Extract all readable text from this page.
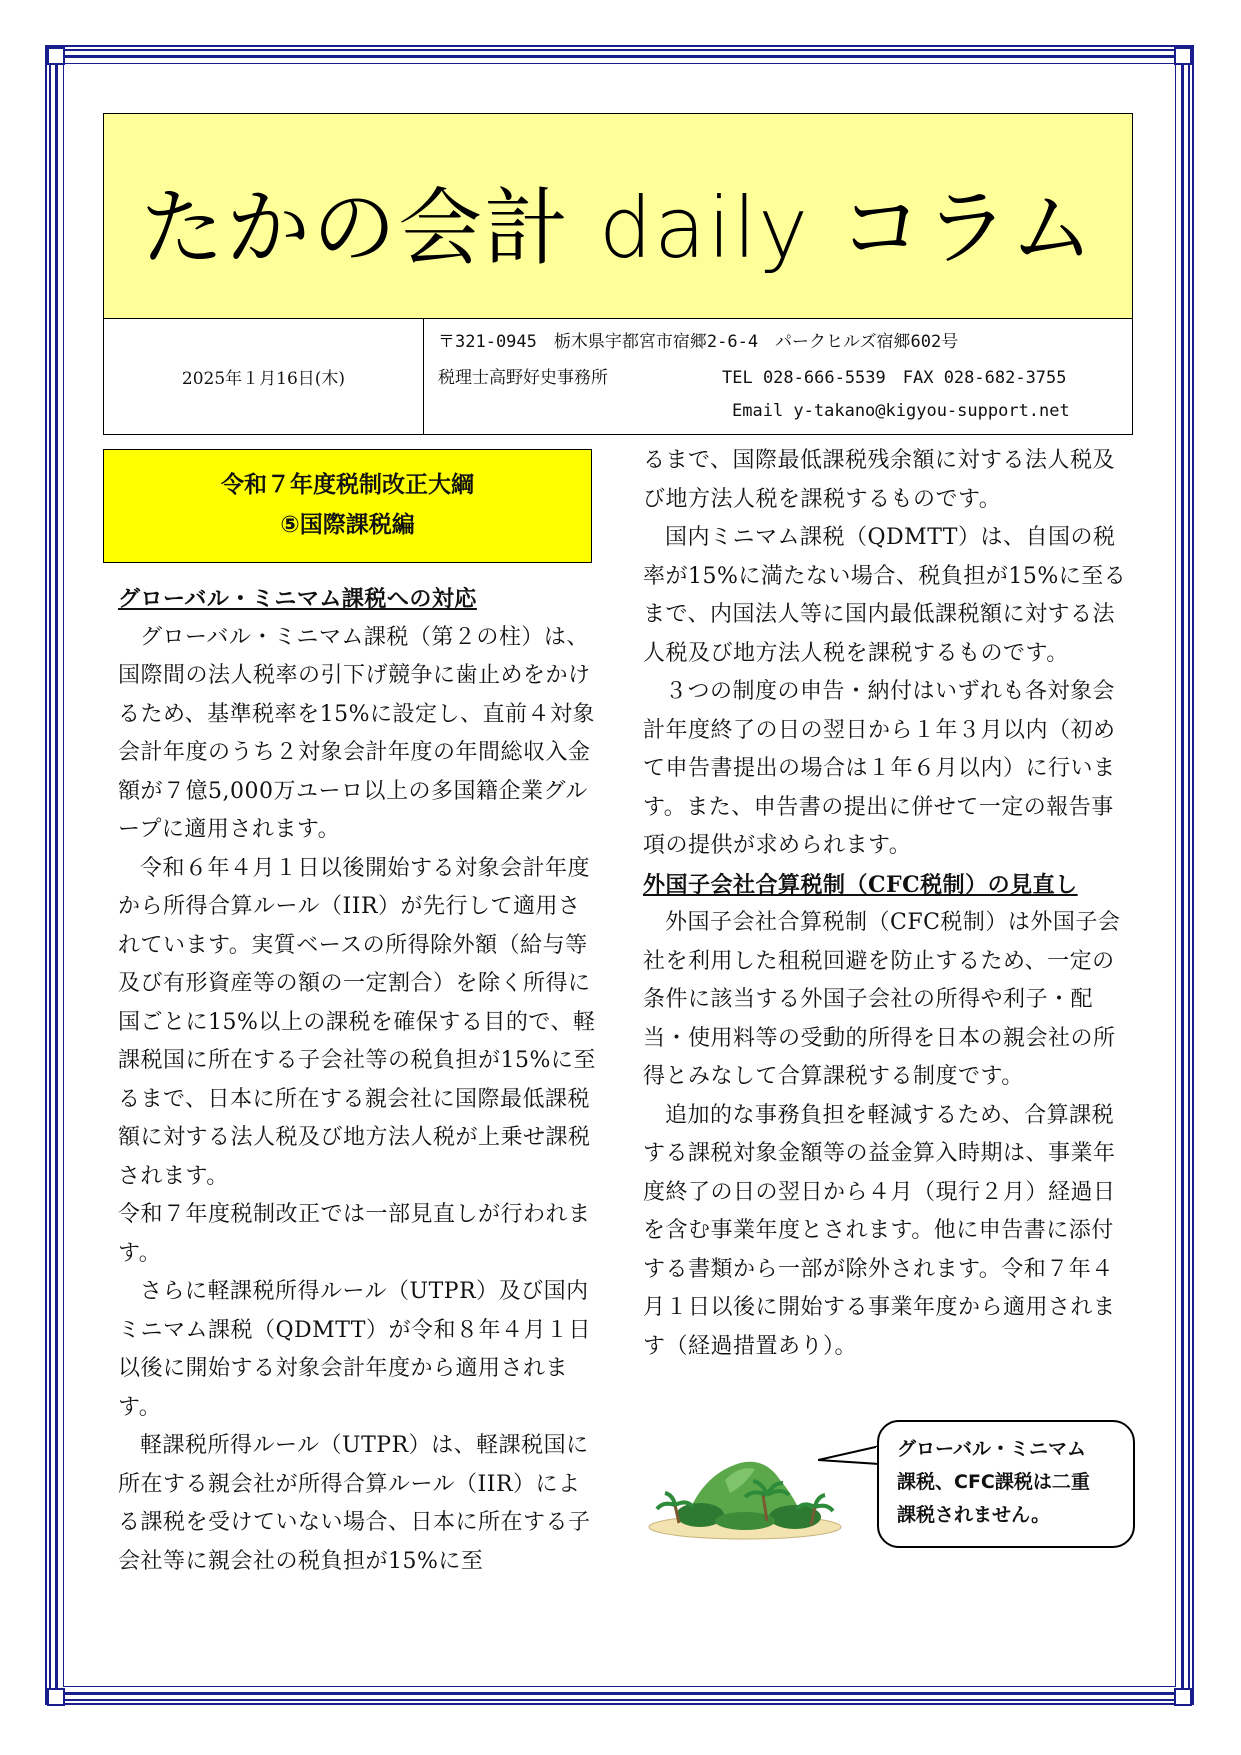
たかの会計 daily コラム
2025年１月16日(木)
〒321-0945　栃木県宇都宮市宿郷2-6-4　パークヒルズ宿郷602号
税理士高野好史事務所	TEL 028-666-5539　FAX 028-682-3755
Email y-takano@kigyou-support.net
令和７年度税制改正大綱
⑤国際課税編

グローバル・ミニマム課税への対応

グローバル・ミニマム課税（第２の柱）は、国際間の法人税率の引下げ競争に歯止めをかけるため、基準税率を15%に設定し、直前４対象会計年度のうち２対象会計年度の年間総収入金額が７億5,000万ユーロ以上の多国籍企業グループに適用されます。

令和６年４月１日以後開始する対象会計年度から所得合算ルール（IIR）が先行して適用されています。実質ベースの所得除外額（給与等及び有形資産等の額の一定割合）を除く所得に国ごとに15%以上の課税を確保する目的で、軽課税国に所在する子会社等の税負担が15%に至るまで、日本に所在する親会社に国際最低課税額に対する法人税及び地方法人税が上乗せ課税されます。

令和７年度税制改正では一部見直しが行われます。

さらに軽課税所得ルール（UTPR）及び国内ミニマム課税（QDMTT）が令和８年４月１日以後に開始する対象会計年度から適用されます。

軽課税所得ルール（UTPR）は、軽課税国に所在する親会社が所得合算ルール（IIR）による課税を受けていない場合、日本に所在する子会社等に親会社の税負担が15%に至

るまで、国際最低課税残余額に対する法人税及び地方法人税を課税するものです。

国内ミニマム課税（QDMTT）は、自国の税率が15%に満たない場合、税負担が15%に至るまで、内国法人等に国内最低課税額に対する法人税及び地方法人税を課税するものです。

３つの制度の申告・納付はいずれも各対象会計年度終了の日の翌日から１年３月以内（初めて申告書提出の場合は１年６月以内）に行います。また、申告書の提出に併せて一定の報告事項の提供が求められます。

外国子会社合算税制（CFC税制）の見直し

外国子会社合算税制（CFC税制）は外国子会社を利用した租税回避を防止するため、一定の条件に該当する外国子会社の所得や利子・配当・使用料等の受動的所得を日本の親会社の所得とみなして合算課税する制度です。

追加的な事務負担を軽減するため、合算課税する課税対象金額等の益金算入時期は、事業年度終了の日の翌日から４月（現行２月）経過日を含む事業年度とされます。他に申告書に添付する書類から一部が除外されます。令和７年４月１日以後に開始する事業年度から適用されます（経過措置あり）。

グローバル・ミニマム
課税、CFC課税は二重
課税されません。
